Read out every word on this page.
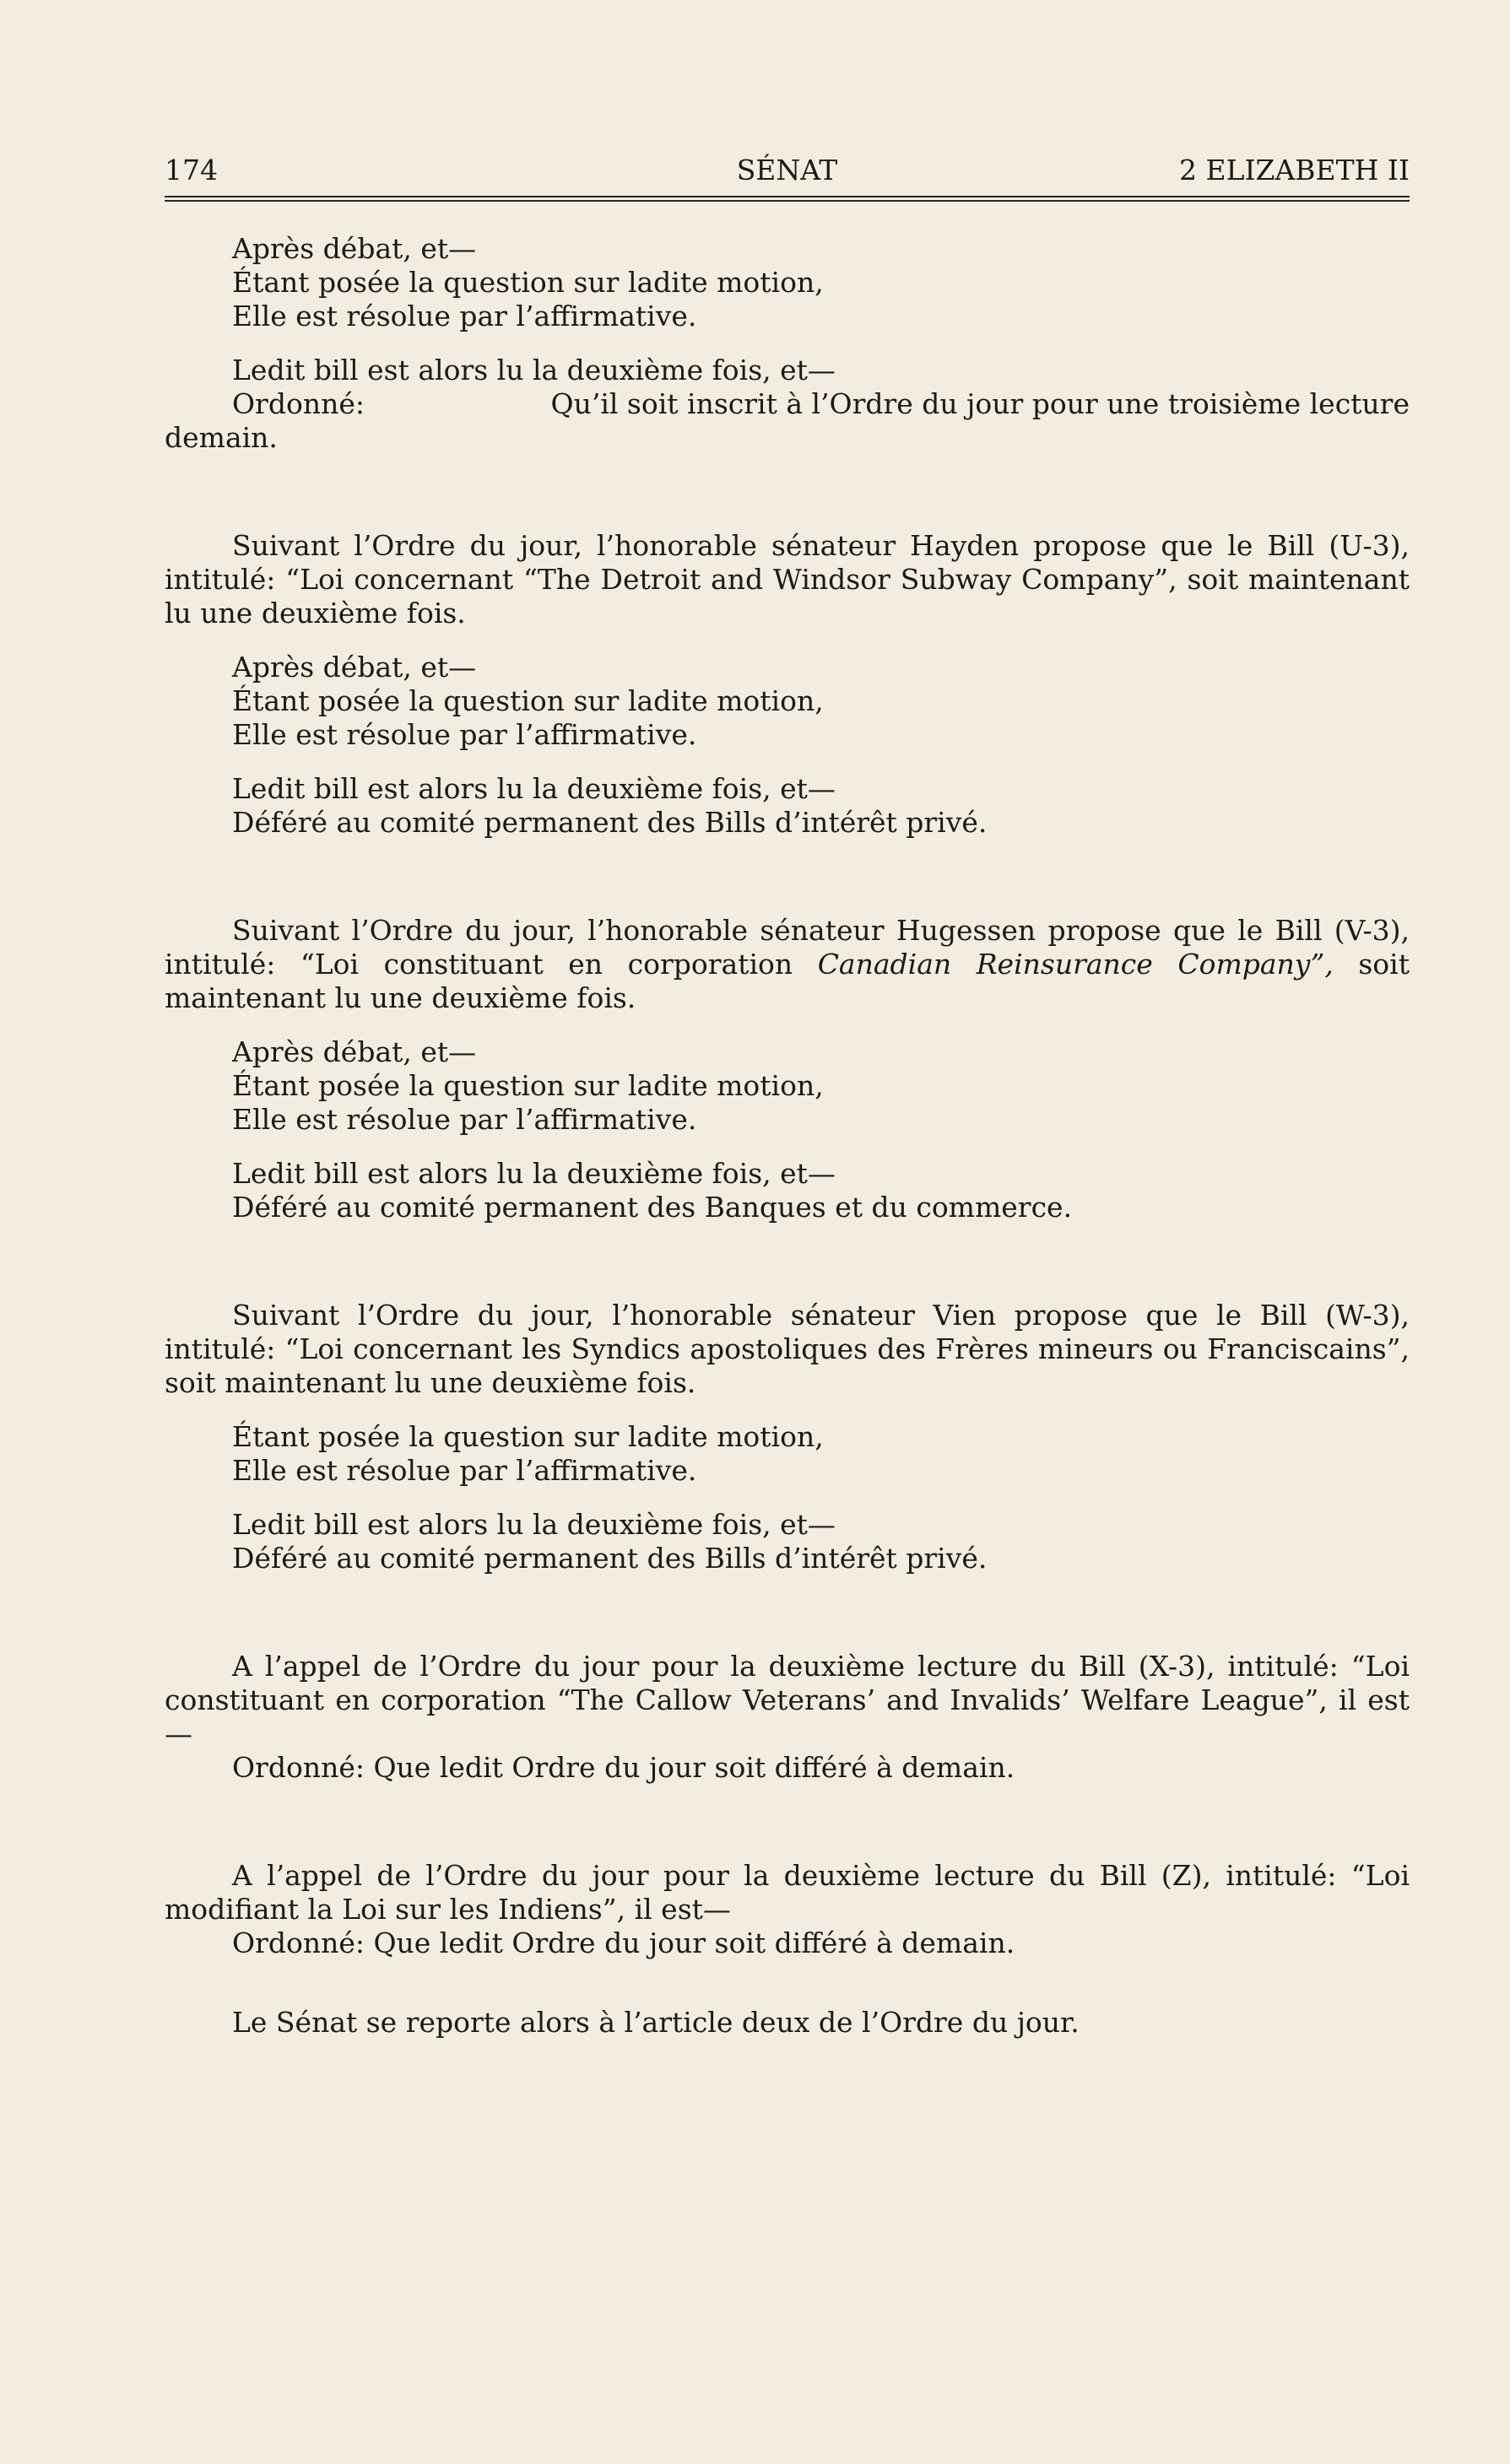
174	SÉNAT	2 ELIZABETH II
Après débat, et—
Étant posée la question sur ladite motion,
Elle est résolue par l’affirmative.
Ledit bill est alors lu la deuxième fois, et—
Ordonné:	Qu’il soit inscrit à l’Ordre du jour pour une troisième lecture
demain.
Suivant l’Ordre du jour, l’honorable sénateur Hayden propose que le Bill (U-3), intitulé: “Loi concernant “The Detroit and Windsor Subway Company”, soit maintenant lu une deuxième fois.
Après débat, et—
Étant posée la question sur ladite motion,
Elle est résolue par l’affirmative.
Ledit bill est alors lu la deuxième fois, et—
Déféré au comité permanent des Bills d’intérêt privé.
Suivant l’Ordre du jour, l’honorable sénateur Hugessen propose que le Bill (V-3), intitulé: “Loi constituant en corporation Canadian Reinsurance Company”, soit maintenant lu une deuxième fois.
Après débat, et—
Étant posée la question sur ladite motion,
Elle est résolue par l’affirmative.
Ledit bill est alors lu la deuxième fois, et—
Déféré au comité permanent des Banques et du commerce.
Suivant l’Ordre du jour, l’honorable sénateur Vien propose que le Bill (W-3), intitulé: “Loi concernant les Syndics apostoliques des Frères mineurs ou Franciscains”, soit maintenant lu une deuxième fois.
Étant posée la question sur ladite motion,
Elle est résolue par l’affirmative.
Ledit bill est alors lu la deuxième fois, et—
Déféré au comité permanent des Bills d’intérêt privé.
A l’appel de l’Ordre du jour pour la deuxième lecture du Bill (X-3), intitulé: “Loi constituant en corporation “The Callow Veterans’ and Invalids’ Welfare League”, il est—
Ordonné: Que ledit Ordre du jour soit différé à demain.
A l’appel de l’Ordre du jour pour la deuxième lecture du Bill (Z), intitulé: “Loi modifiant la Loi sur les Indiens”, il est—
Ordonné: Que ledit Ordre du jour soit différé à demain.
Le Sénat se reporte alors à l’article deux de l’Ordre du jour.
